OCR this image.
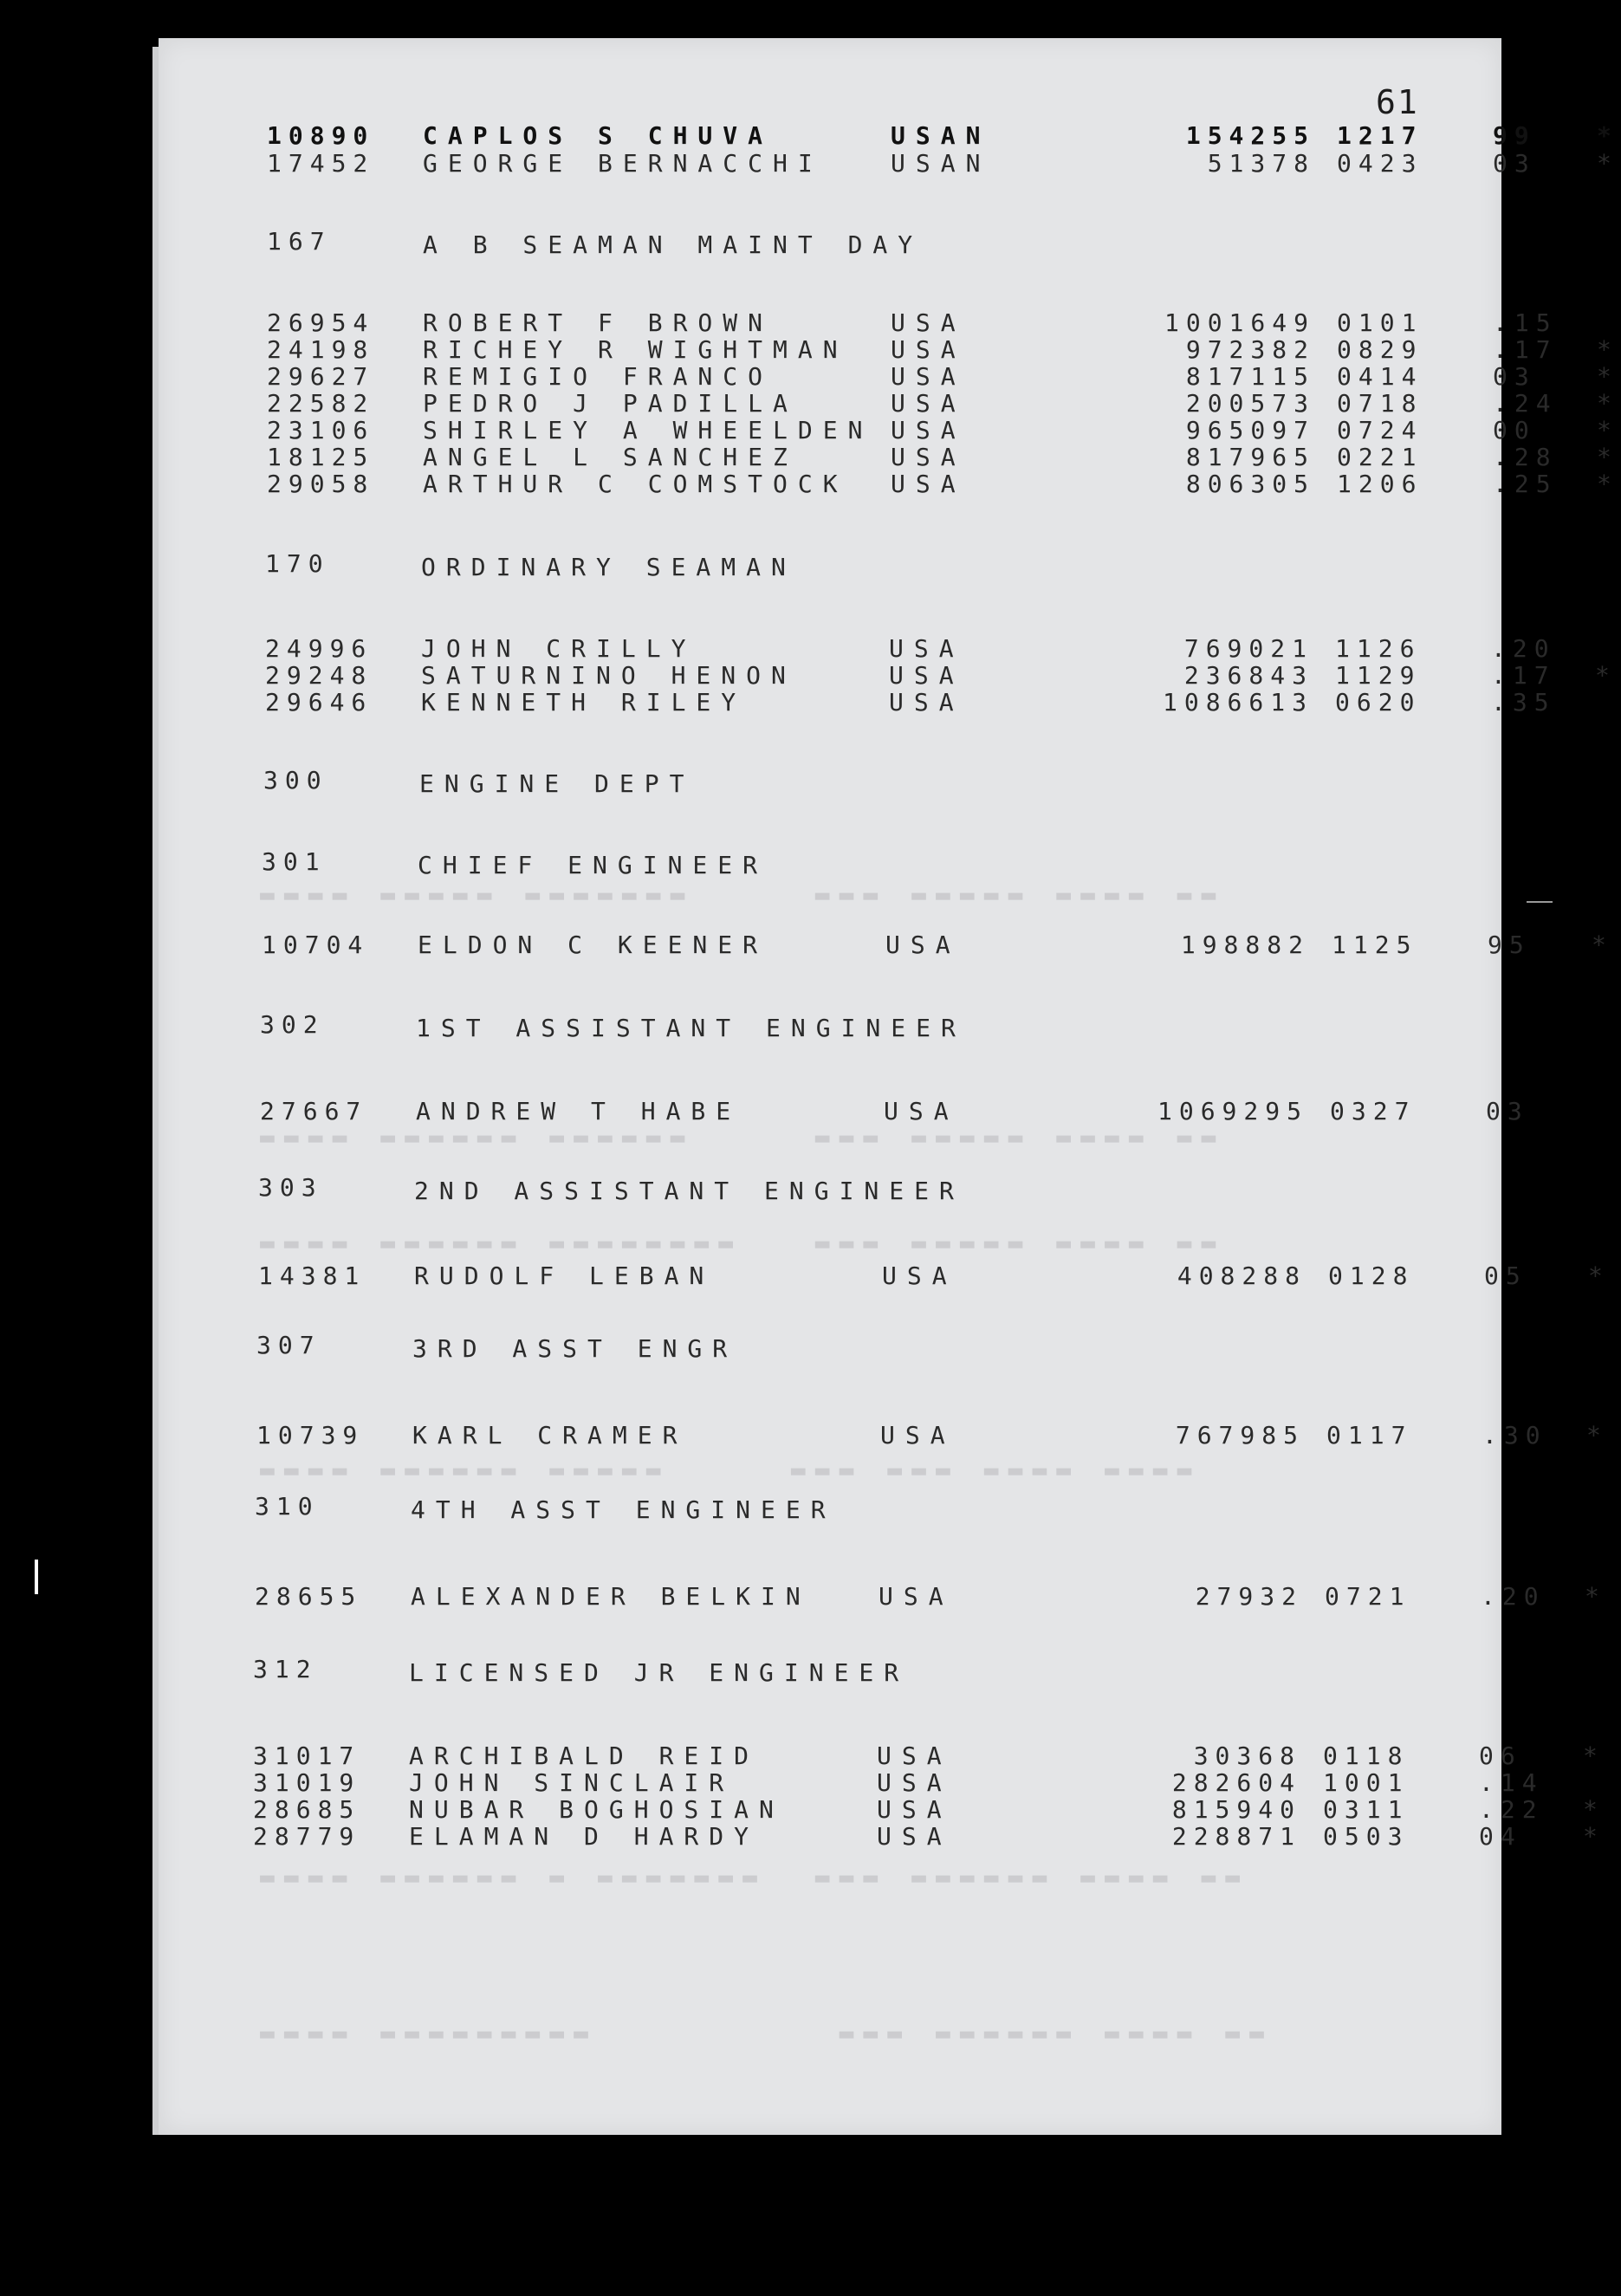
▬▬▬▬ ▬▬▬▬▬ ▬▬▬▬▬▬▬     ▬▬▬ ▬▬▬▬▬ ▬▬▬▬ ▬▬
▬▬▬▬ ▬▬▬▬▬▬ ▬▬▬▬▬▬     ▬▬▬ ▬▬▬▬▬ ▬▬▬▬ ▬▬
▬▬▬▬ ▬▬▬▬▬▬ ▬▬▬▬▬▬▬▬   ▬▬▬ ▬▬▬▬▬ ▬▬▬▬ ▬▬
▬▬▬▬ ▬▬▬▬▬▬ ▬▬▬▬▬     ▬▬▬ ▬▬▬ ▬▬▬▬ ▬▬▬▬
▬▬▬▬ ▬▬▬▬▬▬ ▬ ▬▬▬▬▬▬▬  ▬▬▬ ▬▬▬▬▬▬ ▬▬▬▬ ▬▬
▬▬▬▬ ▬▬▬▬▬▬▬▬▬          ▬▬▬ ▬▬▬▬▬▬ ▬▬▬▬ ▬▬
61
10890 CAPLOS S CHUVA	USAN	154255 1217	99	*
17452 GEORGE BERNACCHI	USAN	51378 0423	03	*
167	A B SEAMAN MAINT DAY
26954 ROBERT F BROWN	USA	1001649 0101	.15
24198 RICHEY R WIGHTMAN USA	972382 0829	.17 *
29627 REMIGIO FRANCO	USA	817115 0414	03	*
22582 PEDRO J PADILLA	USA	200573 0718	.24 *
23106 SHIRLEY A WHEELDEN USA	965097 0724	00	*
18125 ANGEL L SANCHEZ	USA	817965 0221	.28 *
29058 ARTHUR C COMSTOCK USA	806305 1206	.25 *
170	ORDINARY SEAMAN
24996 JOHN CRILLY	USA	769021 1126	.20
29248 SATURNINO HENON	USA	236843 1129	.17 *
29646 KENNETH RILEY	USA	1086613 0620	.35
300	ENGINE DEPT
301	CHIEF ENGINEER
10704 ELDON C KEENER	USA	198882 1125	95	*
302	1ST ASSISTANT ENGINEER
27667 ANDREW T HABE	USA	1069295 0327	03
303	2ND ASSISTANT ENGINEER
14381 RUDOLF LEBAN	USA	408288 0128	05	*
307	3RD ASST ENGR
10739 KARL CRAMER	USA	767985 0117	.30 *
310	4TH ASST ENGINEER
28655 ALEXANDER BELKIN	USA	27932 0721	.20 *
312	LICENSED JR ENGINEER
31017 ARCHIBALD REID	USA	30368 0118	06	*
31019 JOHN SINCLAIR	USA	282604 1001	.14
28685 NUBAR BOGHOSIAN	USA	815940 0311	.22 *
28779 ELAMAN D HARDY	USA	228871 0503	04	*
